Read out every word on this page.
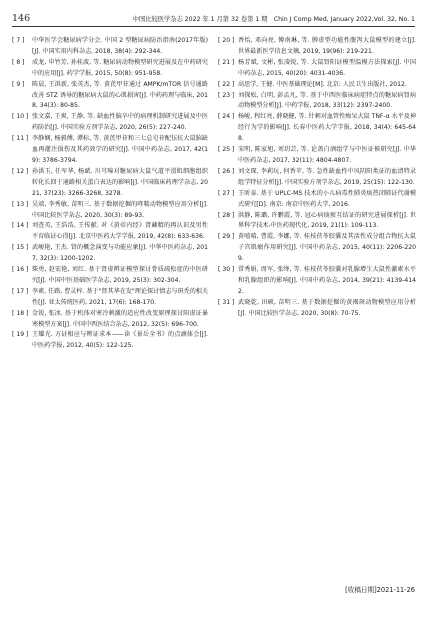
146	中国比较医学杂志 2022 年 1 月第 32 卷第 1 期　Chin J Comp Med, January 2022,Vol. 32, No. 1
[ 7 ]	中华医学会糖尿病学分会. 中国 2 型糖尿病防治指南(2017年版)[J]. 中国实用内科杂志, 2018, 38(4): 292-344.
[ 8 ]	成龙, 申竹芳, 孙桂波, 等. 糖尿病动物模型研究进展及在中药研究中的应用[J]. 药学学报, 2015, 50(8): 951-958.
[ 9 ]	陈晨, 王洪新, 张英杰, 等. 黄芪甲苷通过 AMPK/mTOR 信号通路改善 STZ 诱导的糖尿病大鼠的心肌损害[J]. 中药药理与临床, 2018, 34(3): 80-85.
[ 10 ] 张文嘉, 王爽, 王静, 等. 缺血性脑卒中的病理机制研究进展及中医药防治[J]. 中国实验方剂学杂志, 2020, 26(5): 227-240.
[ 11 ] 李静娴, 杨毅傅, 谭标, 等. 黄芪甲苷和三七总皂苷配伍抗大鼠脑缺血再灌注损伤及其药效学的研究[J]. 中国中药杂志, 2017, 42(19): 3786-3794.
[ 12 ] 孙洪玉, 任军华, 杨斌. 川芎嗪对糖尿病大鼠气道平滑肌细胞组织转化长回于通路相关蛋白表达的影响[J]. 中国临床药理学杂志, 2021, 37(23): 3266-3268, 3278.
[ 13 ] 吴端, 李秀敏, 苗明三. 基于数据挖掘的哮喘动物模型应用分析[J]. 中国比较医学杂志, 2020, 30(3): 89-93.
[ 14 ] 刘查英, 王浩浩, 王传献. 对《黄帝内经》肾藏精的再认识及男性不育临证心得[J]. 北京中医药大学学报, 2019, 42(8): 633-636.
[ 15 ] 武峻艳, 王杰. 肾的概念演变与功能应象[J]. 中华中医药杂志, 2017, 32(3): 1200-1202.
[ 16 ] 柴勇, 赵宏艳, 刘红. 基于肾虚辨证模型探讨骨质疏松症的中医研究[J]. 中国中医基础医学杂志, 2019, 25(3): 302-304.
[ 17 ] 李素, 任路, 曹灵梓. 基于"肾其华在发"理论探讨情志与斑秃的相关性[J]. 亚太传统医药, 2021, 17(6): 168-170.
[ 18 ] 金锐, 张冰. 基于机体对寒冷刺激的适应性改变原理探讨阳虚证暴寒模型方案[J]. 中国中西医结合杂志, 2012, 32(5): 696-700.
[ 19 ] 王耀光. 方证相应与辨证求本——读《景岳全书》的点滴体会[J]. 中医药学报, 2012, 40(5): 122-125.
[ 20 ] 香怡, 邓向亮, 傅南琳, 等. 脾虚型功能性腹泻大鼠模型的建立[J]. 世界最新医学信息文摘, 2019, 19(96): 219-221.
[ 21 ] 杨芳斌, 文彬, 张凌锐, 等. 大鼠肾阳证模型温模方法探索[J]. 中国中药杂志, 2015, 40(20): 4031-4036.
[ 22 ] 高思学, 王健. 中医基础理论[M]. 北京: 人民卫生出版社, 2012.
[ 23 ] 刘探松, 白明, 彭孟凡, 等. 基于中西医临床病症特点的糖尿病肾病动物模型分析[J]. 中药学报, 2018, 33(12): 2397-2400.
[ 24 ] 杨峻, 程红亮, 薛晓健, 等. 针刺对血管性痴呆大鼠 TNF-α 水平及神经行为学的影响[J]. 长春中医药大学学报, 2018, 34(4): 645-648.
[ 25 ] 宋明, 陈家旭, 刘玥芸, 等. 论盖白酒组学与中医证候研究[J]. 中华中医药杂志, 2017, 32(11): 4804-4807.
[ 26 ] 刘文琛, 李莉玩, 何香苹, 等. 急性缺血性中风阴阳类证的血清特录组学特征分析[J]. 中国实验方剂学杂志, 2019, 25(15): 122-130.
[ 27 ] 王昕泰. 基于 UPLC-MS 技术的小儿病毒性肺炎痰热闭肺证代谢模式研究[D]. 南京: 南京中医药大学, 2016.
[ 28 ] 洪静, 陈璐, 许鹏霞, 等. 冠心病痰瘀互结证的研究进展探析[J]. 世界科学技术-中医药现代化, 2019, 21(1): 109-113.
[ 29 ] 黄嘻晴, 曹霞, 李娜, 等. 桂枝茯苓胶囊及其活性成分组合物抗大鼠子宫肌瘤作用研究[J]. 中国中药杂志, 2015, 40(11): 2206-2209.
[ 30 ] 常秀娟, 周军, 张绛, 等. 桂枝茯苓胶囊对乳腺增生大鼠性激素水平和乳腺组织的影响[J]. 中国中药杂志, 2014, 39(21): 4139-4142.
[ 31 ] 武晓乾, 田硕, 苗明三. 基于数据挖掘的黄褐斑动物模型应用分析[J]. 中国比较医学杂志, 2020, 30(8): 70-75.
[收稿日期]2021-11-26
